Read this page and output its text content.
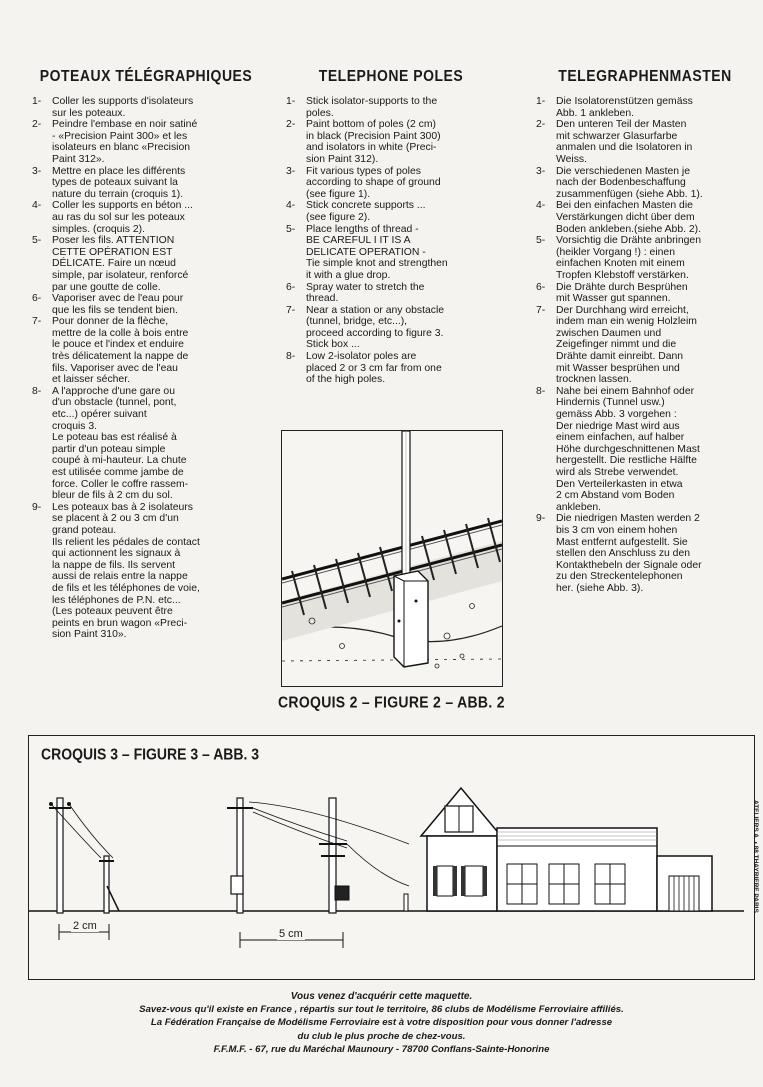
POTEAUX TÉLÉGRAPHIQUES
1- Coller les supports d'isolateurs
sur les poteaux.
2- Peindre l'embase en noir satiné
- «Precision Paint 300» et les
isolateurs en blanc «Precision
Paint 312».
3- Mettre en place les différents
types de poteaux suivant la
nature du terrain (croquis 1).
4- Coller les supports en béton ...
au ras du sol sur les poteaux
simples. (croquis 2).
5- Poser les fils. ATTENTION
CETTE OPÉRATION EST
DÉLICATE. Faire un nœud
simple, par isolateur, renforcé
par une goutte de colle.
6- Vaporiser avec de l'eau pour
que les fils se tendent bien.
7- Pour donner de la flèche,
mettre de la colle à bois entre
le pouce et l'index et enduire
très délicatement la nappe de
fils. Vaporiser avec de l'eau
et laisser sécher.
8- A l'approche d'une gare ou
d'un obstacle (tunnel, pont,
etc...) opérer suivant
croquis 3.
Le poteau bas est réalisé à
partir d'un poteau simple
coupé à mi-hauteur. La chute
est utilisée comme jambe de
force. Coller le coffre rassem-
bleur de fils à 2 cm du sol.
9- Les poteaux bas à 2 isolateurs
se placent à 2 ou 3 cm d'un
grand poteau.
Ils relient les pédales de contact
qui actionnent les signaux à
la nappe de fils. Ils servent
aussi de relais entre la nappe
de fils et les téléphones de voie,
les téléphones de P.N. etc...
(Les poteaux peuvent être
peints en brun wagon «Preci-
sion Paint 310».
TELEPHONE POLES
1- Stick isolator-supports to the
poles.
2- Paint bottom of poles (2 cm)
in black (Precision Paint 300)
and isolators in white (Preci-
sion Paint 312).
3- Fit various types of poles
according to shape of ground
(see figure 1).
4- Stick concrete supports ...
(see figure 2).
5- Place lengths of thread -
BE CAREFUL I IT IS A
DELICATE OPERATION -
Tie simple knot and strengthen
it with a glue drop.
6- Spray water to stretch the
thread.
7- Near a station or any obstacle
(tunnel, bridge, etc...),
proceed according to figure 3.
Stick box ...
8- Low 2-isolator poles are
placed 2 or 3 cm far from one
of the high poles.
TELEGRAPHENMASTEN
1- Die Isolatorenstützen gemäss
Abb. 1 ankleben.
2- Den unteren Teil der Masten
mit schwarzer Glasurfarbe
anmalen und die Isolatoren in
Weiss.
3- Die verschiedenen Masten je
nach der Bodenbeschaffung
zusammenfügen (siehe Abb. 1).
4- Bei den einfachen Masten die
Verstärkungen dicht über dem
Boden ankleben.(siehe Abb. 2).
5- Vorsichtig die Drähte anbringen
(heikler Vorgang !) : einen
einfachen Knoten mit einem
Tropfen Klebstoff verstärken.
6- Die Drähte durch Besprühen
mit Wasser gut spannen.
7- Der Durchhang wird erreicht,
indem man ein wenig Holzleim
zwischen Daumen und
Zeigefinger nimmt und die
Drähte damit einreibt. Dann
mit Wasser besprühen und
trocknen lassen.
8- Nahe bei einem Bahnhof oder
Hindernis (Tunnel usw.)
gemäss Abb. 3 vorgehen :
Der niedrige Mast wird aus
einem einfachen, auf halber
Höhe durchgeschnittenen Mast
hergestellt. Die restliche Hälfte
wird als Strebe verwendet.
Den Verteilerkasten in etwa
2 cm Abstand vom Boden
ankleben.
9- Die niedrigen Masten werden 2
bis 3 cm von einem hohen
Mast entfernt aufgestellt. Sie
stellen den Anschluss zu den
Kontakthebeln der Signale oder
zu den Streckentelephonen
her. (siehe Abb. 3).
CROQUIS 2 – FIGURE 2 – ABB. 2
CROQUIS 3 – FIGURE 3 – ABB. 3
2 cm
5 cm
ATELIERS A. • 88 THAYRIERE PARIS
Vous venez d'acquérir cette maquette.
Savez-vous qu'il existe en France , répartis sur tout le territoire, 86 clubs de Modélisme Ferroviaire affiliés.
La Fédération Française de Modélisme Ferroviaire est à votre disposition pour vous donner l'adresse
du club le plus proche de chez-vous.
F.F.M.F. - 67, rue du Maréchal Maunoury - 78700 Conflans-Sainte-Honorine
